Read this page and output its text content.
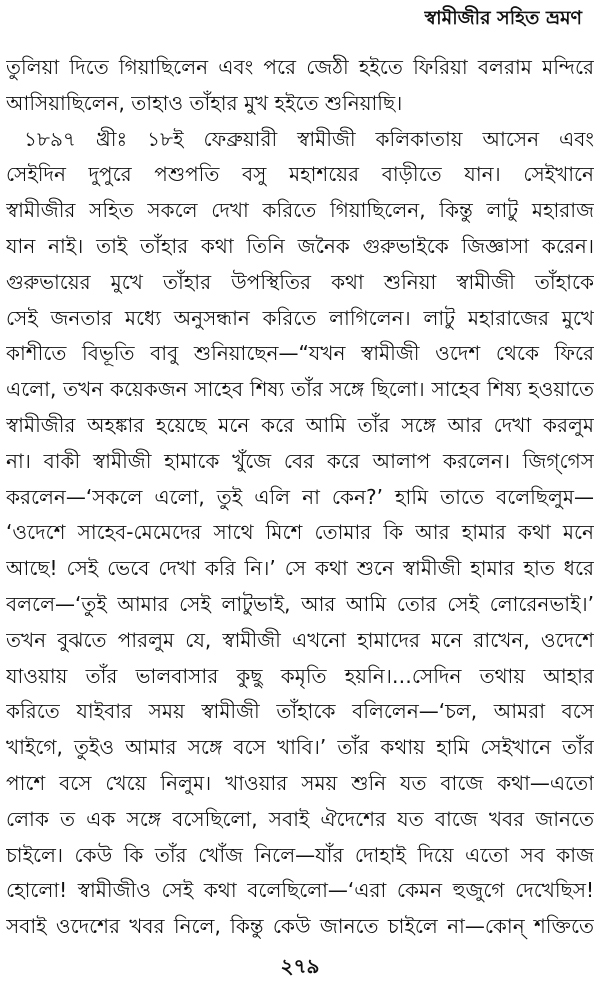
স্বামীজীর সহিত ভ্রমণ
তুলিয়া দিতে গিয়াছিলেন এবং পরে জেঠী হইতে ফিরিয়া বলরাম মন্দিরে
আসিয়াছিলেন, তাহাও তাঁহার মুখ হইতে শুনিয়াছি।
১৮৯৭ খ্রীঃ ১৮ই ফেব্রুয়ারী স্বামীজী কলিকাতায় আসেন এবং
সেইদিন দুপুরে পশুপতি বসু মহাশয়ের বাড়ীতে যান। সেইখানে
স্বামীজীর সহিত সকলে দেখা করিতে গিয়াছিলেন, কিন্তু লাটু মহারাজ
যান নাই। তাই তাঁহার কথা তিনি জনৈক গুরুভাইকে জিজ্ঞাসা করেন।
গুরুভায়ের মুখে তাঁহার উপস্থিতির কথা শুনিয়া স্বামীজী তাঁহাকে
সেই জনতার মধ্যে অনুসন্ধান করিতে লাগিলেন। লাটু মহারাজের মুখে
কাশীতে বিভূতি বাবু শুনিয়াছেন—“যখন স্বামীজী ওদেশ থেকে ফিরে
এলো, তখন কয়েকজন সাহেব শিষ্য তাঁর সঙ্গে ছিলো। সাহেব শিষ্য হওয়াতে
স্বামীজীর অহঙ্কার হয়েছে মনে করে আমি তাঁর সঙ্গে আর দেখা করলুম
না। বাকী স্বামীজী হামাকে খুঁজে বের করে আলাপ করলেন। জিগ্‌গেস
করলেন—‘সকলে এলো, তুই এলি না কেন?’ হামি তাতে বলেছিলুম—
‘ওদেশে সাহেব-মেমেদের সাথে মিশে তোমার কি আর হামার কথা মনে
আছে! সেই ভেবে দেখা করি নি।’ সে কথা শুনে স্বামীজী হামার হাত ধরে
বললে—‘তুই আমার সেই লাটুভাই, আর আমি তোর সেই লোরেনভাই।’
তখন বুঝতে পারলুম যে, স্বামীজী এখনো হামাদের মনে রাখেন, ওদেশে
যাওয়ায় তাঁর ভালবাসার কুছু কমৃতি হয়নি।…সেদিন তথায় আহার
করিতে যাইবার সময় স্বামীজী তাঁহাকে বলিলেন—‘চল, আমরা বসে
খাইগে, তুইও আমার সঙ্গে বসে খাবি।’ তাঁর কথায় হামি সেইখানে তাঁর
পাশে বসে খেয়ে নিলুম। খাওয়ার সময় শুনি যত বাজে কথা—এতো
লোক ত এক সঙ্গে বসেছিলো, সবাই ঐদেশের যত বাজে খবর জানতে
চাইলে। কেউ কি তাঁর খোঁজ নিলে—যাঁর দোহাই দিয়ে এতো সব কাজ
হোলো! স্বামীজীও সেই কথা বলেছিলো—‘এরা কেমন হুজুগে দেখেছিস!
সবাই ওদেশের খবর নিলে, কিন্তু কেউ জানতে চাইলে না—কোন্‌ শক্তিতে
২৭৯
